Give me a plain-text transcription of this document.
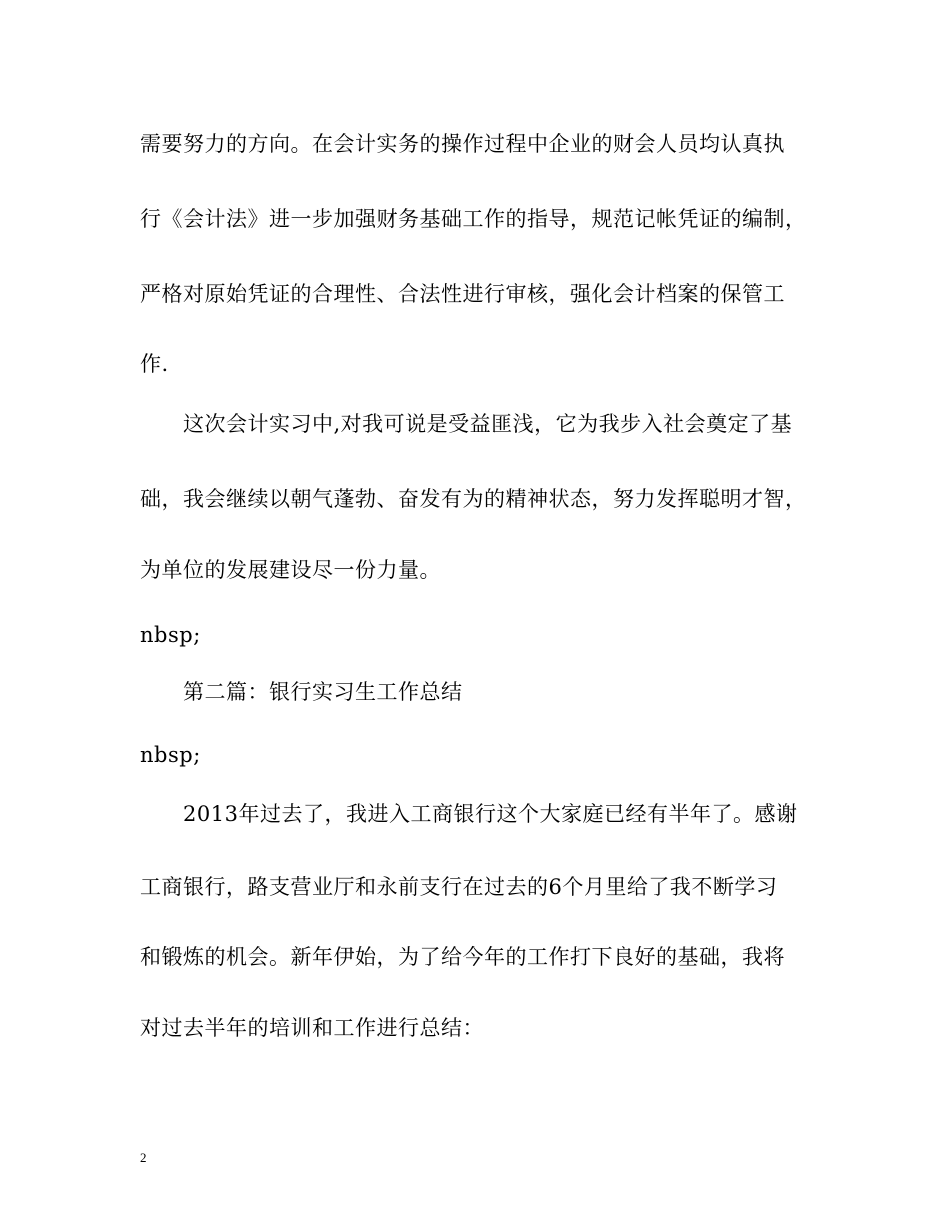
需要努力的方向。在会计实务的操作过程中企业的财会人员均认真执
行《会计法》进一步加强财务基础工作的指导，规范记帐凭证的编制，
严格对原始凭证的合理性、合法性进行审核，强化会计档案的保管工
作.
这次会计实习中,对我可说是受益匪浅，它为我步入社会奠定了基
础，我会继续以朝气蓬勃、奋发有为的精神状态，努力发挥聪明才智，
为单位的发展建设尽一份力量。
nbsp;
第二篇：银行实习生工作总结
nbsp;
2013年过去了，我进入工商银行这个大家庭已经有半年了。感谢
工商银行，路支营业厅和永前支行在过去的6个月里给了我不断学习
和锻炼的机会。新年伊始，为了给今年的工作打下良好的基础，我将
对过去半年的培训和工作进行总结：
2
